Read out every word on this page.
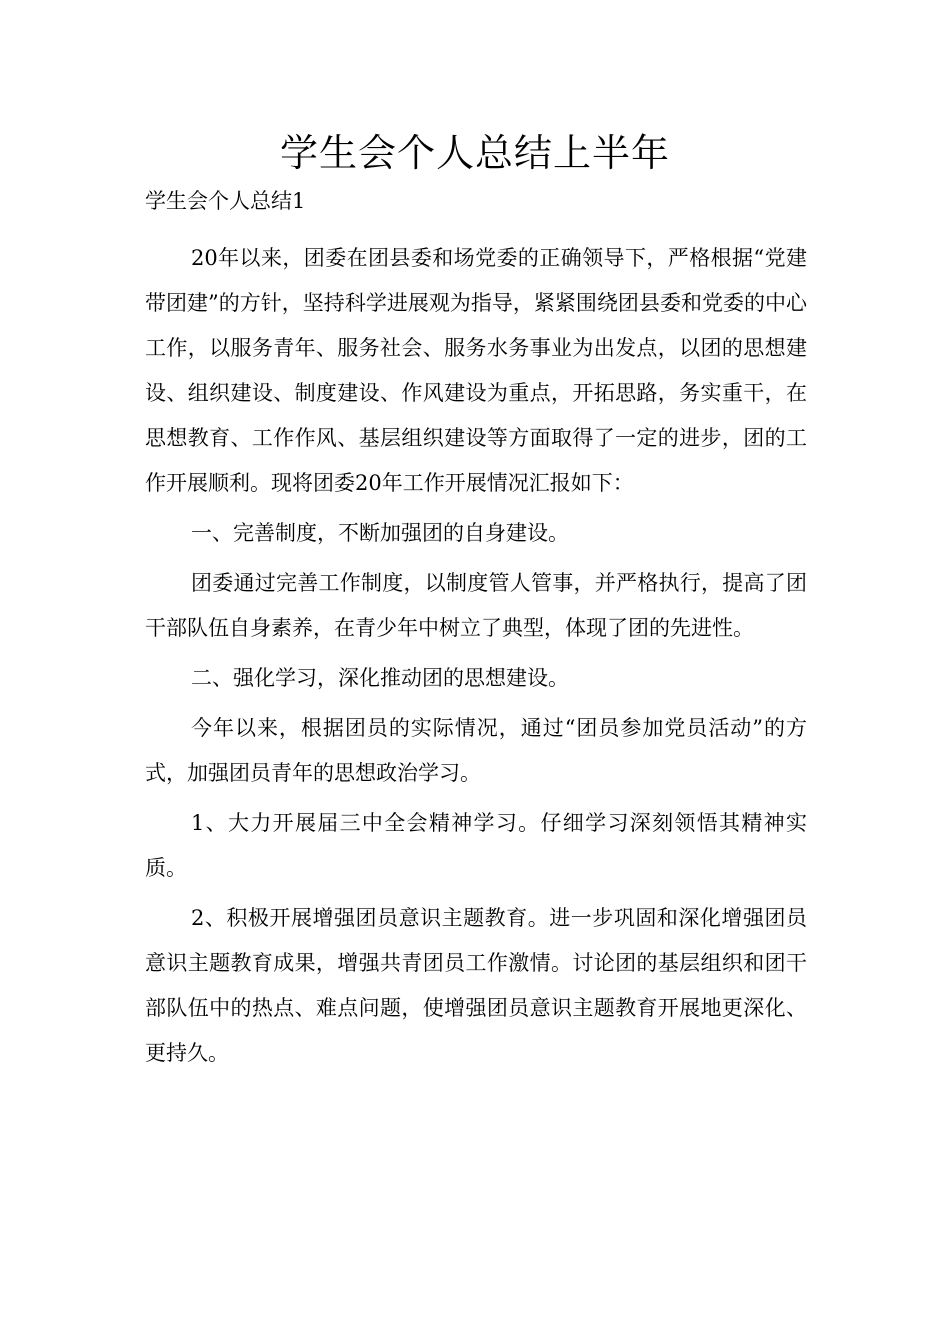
学生会个人总结上半年

学生会个人总结1

20年以来，团委在团县委和场党委的正确领导下，严格根据“党建带团建”的方针，坚持科学进展观为指导，紧紧围绕团县委和党委的中心工作，以服务青年、服务社会、服务水务事业为出发点，以团的思想建设、组织建设、制度建设、作风建设为重点，开拓思路，务实重干，在思想教育、工作作风、基层组织建设等方面取得了一定的进步，团的工作开展顺利。现将团委20年工作开展情况汇报如下：

一、完善制度，不断加强团的自身建设。

团委通过完善工作制度，以制度管人管事，并严格执行，提高了团干部队伍自身素养，在青少年中树立了典型，体现了团的先进性。

二、强化学习，深化推动团的思想建设。

今年以来，根据团员的实际情况，通过“团员参加党员活动”的方式，加强团员青年的思想政治学习。

1、大力开展届三中全会精神学习。仔细学习深刻领悟其精神实质。

2、积极开展增强团员意识主题教育。进一步巩固和深化增强团员意识主题教育成果，增强共青团员工作激情。讨论团的基层组织和团干部队伍中的热点、难点问题，使增强团员意识主题教育开展地更深化、更持久。
